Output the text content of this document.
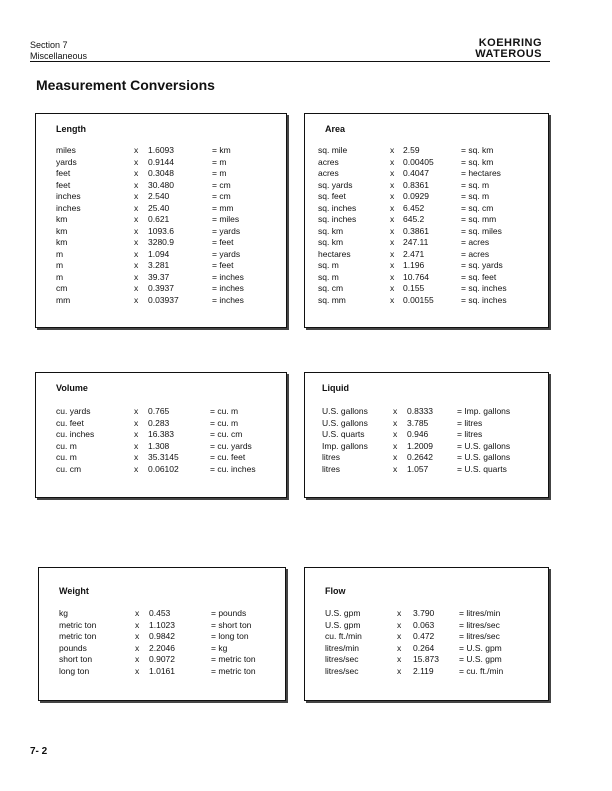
Section 7
Miscellaneous
KOEHRING
WATEROUS
Measurement Conversions
Length
miles	x 1.6093	= km
yards	x 0.9144	= m
feet	x 0.3048	= m
feet	x 30.480	= cm
inches	x 2.540	= cm
inches	x 25.40	= mm
km	x 0.621	= miles
km	x 1093.6	= yards
km	x 3280.9	= feet
m	x 1.094	= yards
m	x 3.281	= feet
m	x 39.37	= inches
cm	x 0.3937	= inches
mm	x 0.03937	= inches
Area
sq. mile	x 2.59	= sq. km
acres	x 0.00405	= sq. km
acres	x 0.4047	= hectares
sq. yards	x 0.8361	= sq. m
sq. feet	x 0.0929	= sq. m
sq. inches	x 6.452	= sq. cm
sq. inches	x 645.2	= sq. mm
sq. km	x 0.3861	= sq. miles
sq. km	x 247.11	= acres
hectares	x 2.471	= acres
sq. m	x 1.196	= sq. yards
sq. m	x 10.764	= sq. feet
sq. cm	x 0.155	= sq. inches
sq. mm	x 0.00155	= sq. inches
Volume
cu. yards	x 0.765	= cu. m
cu. feet	x 0.283	= cu. m
cu. inches	x 16.383	= cu. cm
cu. m	x 1.308	= cu. yards
cu. m	x 35.3145	= cu. feet
cu. cm	x 0.06102	= cu. inches
Liquid
U.S. gallons	x 0.8333	= Imp. gallons
U.S. gallons	x 3.785	= litres
U.S. quarts	x 0.946	= litres
Imp. gallons	x 1.2009	= U.S. gallons
litres	x 0.2642	= U.S. gallons
litres	x 1.057	= U.S. quarts
Weight
kg	x 0.453	= pounds
metric ton	x 1.1023	= short ton
metric ton	x 0.9842	= long ton
pounds	x 2.2046	= kg
short ton	x 0.9072	= metric ton
long ton	x 1.0161	= metric ton
Flow
U.S. gpm	x 3.790	= litres/min
U.S. gpm	x 0.063	= litres/sec
cu. ft./min	x 0.472	= litres/sec
litres/min	x 0.264	= U.S. gpm
litres/sec	x 15.873 = U.S. gpm
litres/sec	x 2.119	= cu. ft./min
7- 2
